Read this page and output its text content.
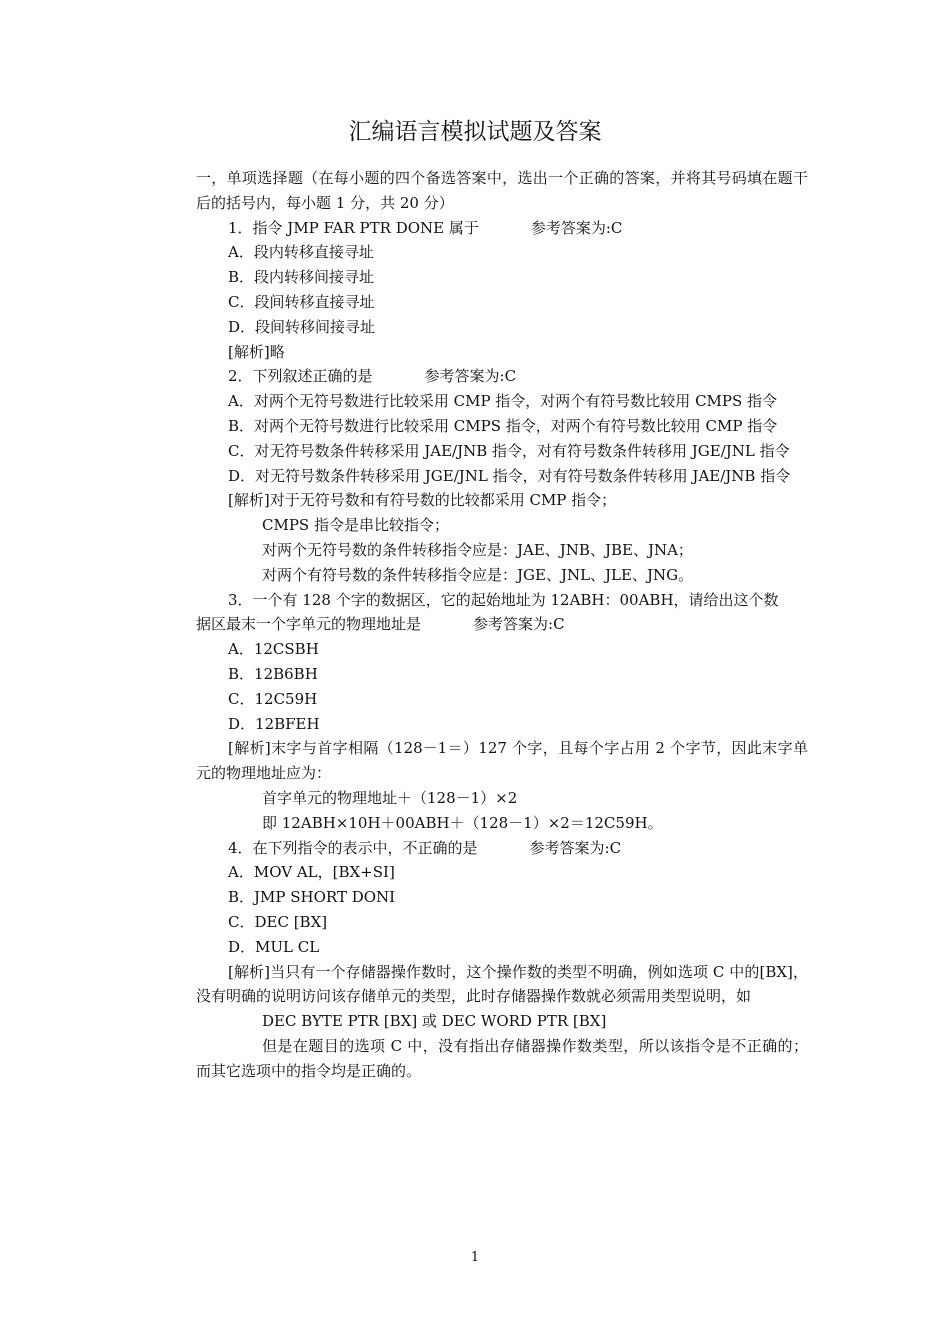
汇编语言模拟试题及答案

一，单项选择题（在每小题的四个备选答案中，选出一个正确的答案，并将其号码填在题干后的括号内，每小题 1 分，共 20 分）

1．指令 JMP FAR PTR DONE 属于	参考答案为:C

A．段内转移直接寻址

B．段内转移间接寻址

C．段间转移直接寻址

D．段间转移间接寻址

[解析]略

2．下列叙述正确的是	参考答案为:C

A．对两个无符号数进行比较采用 CMP 指令，对两个有符号数比较用 CMPS 指令

B．对两个无符号数进行比较采用 CMPS 指令，对两个有符号数比较用 CMP 指令

C．对无符号数条件转移采用 JAE/JNB 指令，对有符号数条件转移用 JGE/JNL 指令

D．对无符号数条件转移采用 JGE/JNL 指令，对有符号数条件转移用 JAE/JNB 指令

[解析]对于无符号数和有符号数的比较都采用 CMP 指令；

CMPS 指令是串比较指令；

对两个无符号数的条件转移指令应是：JAE、JNB、JBE、JNA；

对两个有符号数的条件转移指令应是：JGE、JNL、JLE、JNG。

3．一个有 128 个字的数据区，它的起始地址为 12ABH：00ABH，请给出这个数

据区最末一个字单元的物理地址是	参考答案为:C

A．12CSBH

B．12B6BH

C．12C59H

D．12BFEH

[解析]末字与首字相隔（128－1＝）127 个字，且每个字占用 2 个字节，因此末字单元的物理地址应为：

首字单元的物理地址＋（128－1）×2

即 12ABH×10H＋00ABH＋（128－1）×2＝12C59H。

4．在下列指令的表示中，不正确的是	参考答案为:C

A．MOV AL，[BX+SI]

B．JMP SHORT DONI

C．DEC [BX]

D．MUL CL

[解析]当只有一个存储器操作数时，这个操作数的类型不明确，例如选项 C 中的[BX]，没有明确的说明访问该存储单元的类型，此时存储器操作数就必须需用类型说明，如

DEC BYTE PTR [BX] 或 DEC WORD PTR [BX]

但是在题目的选项 C 中，没有指出存储器操作数类型，所以该指令是不正确的；而其它选项中的指令均是正确的。

1
